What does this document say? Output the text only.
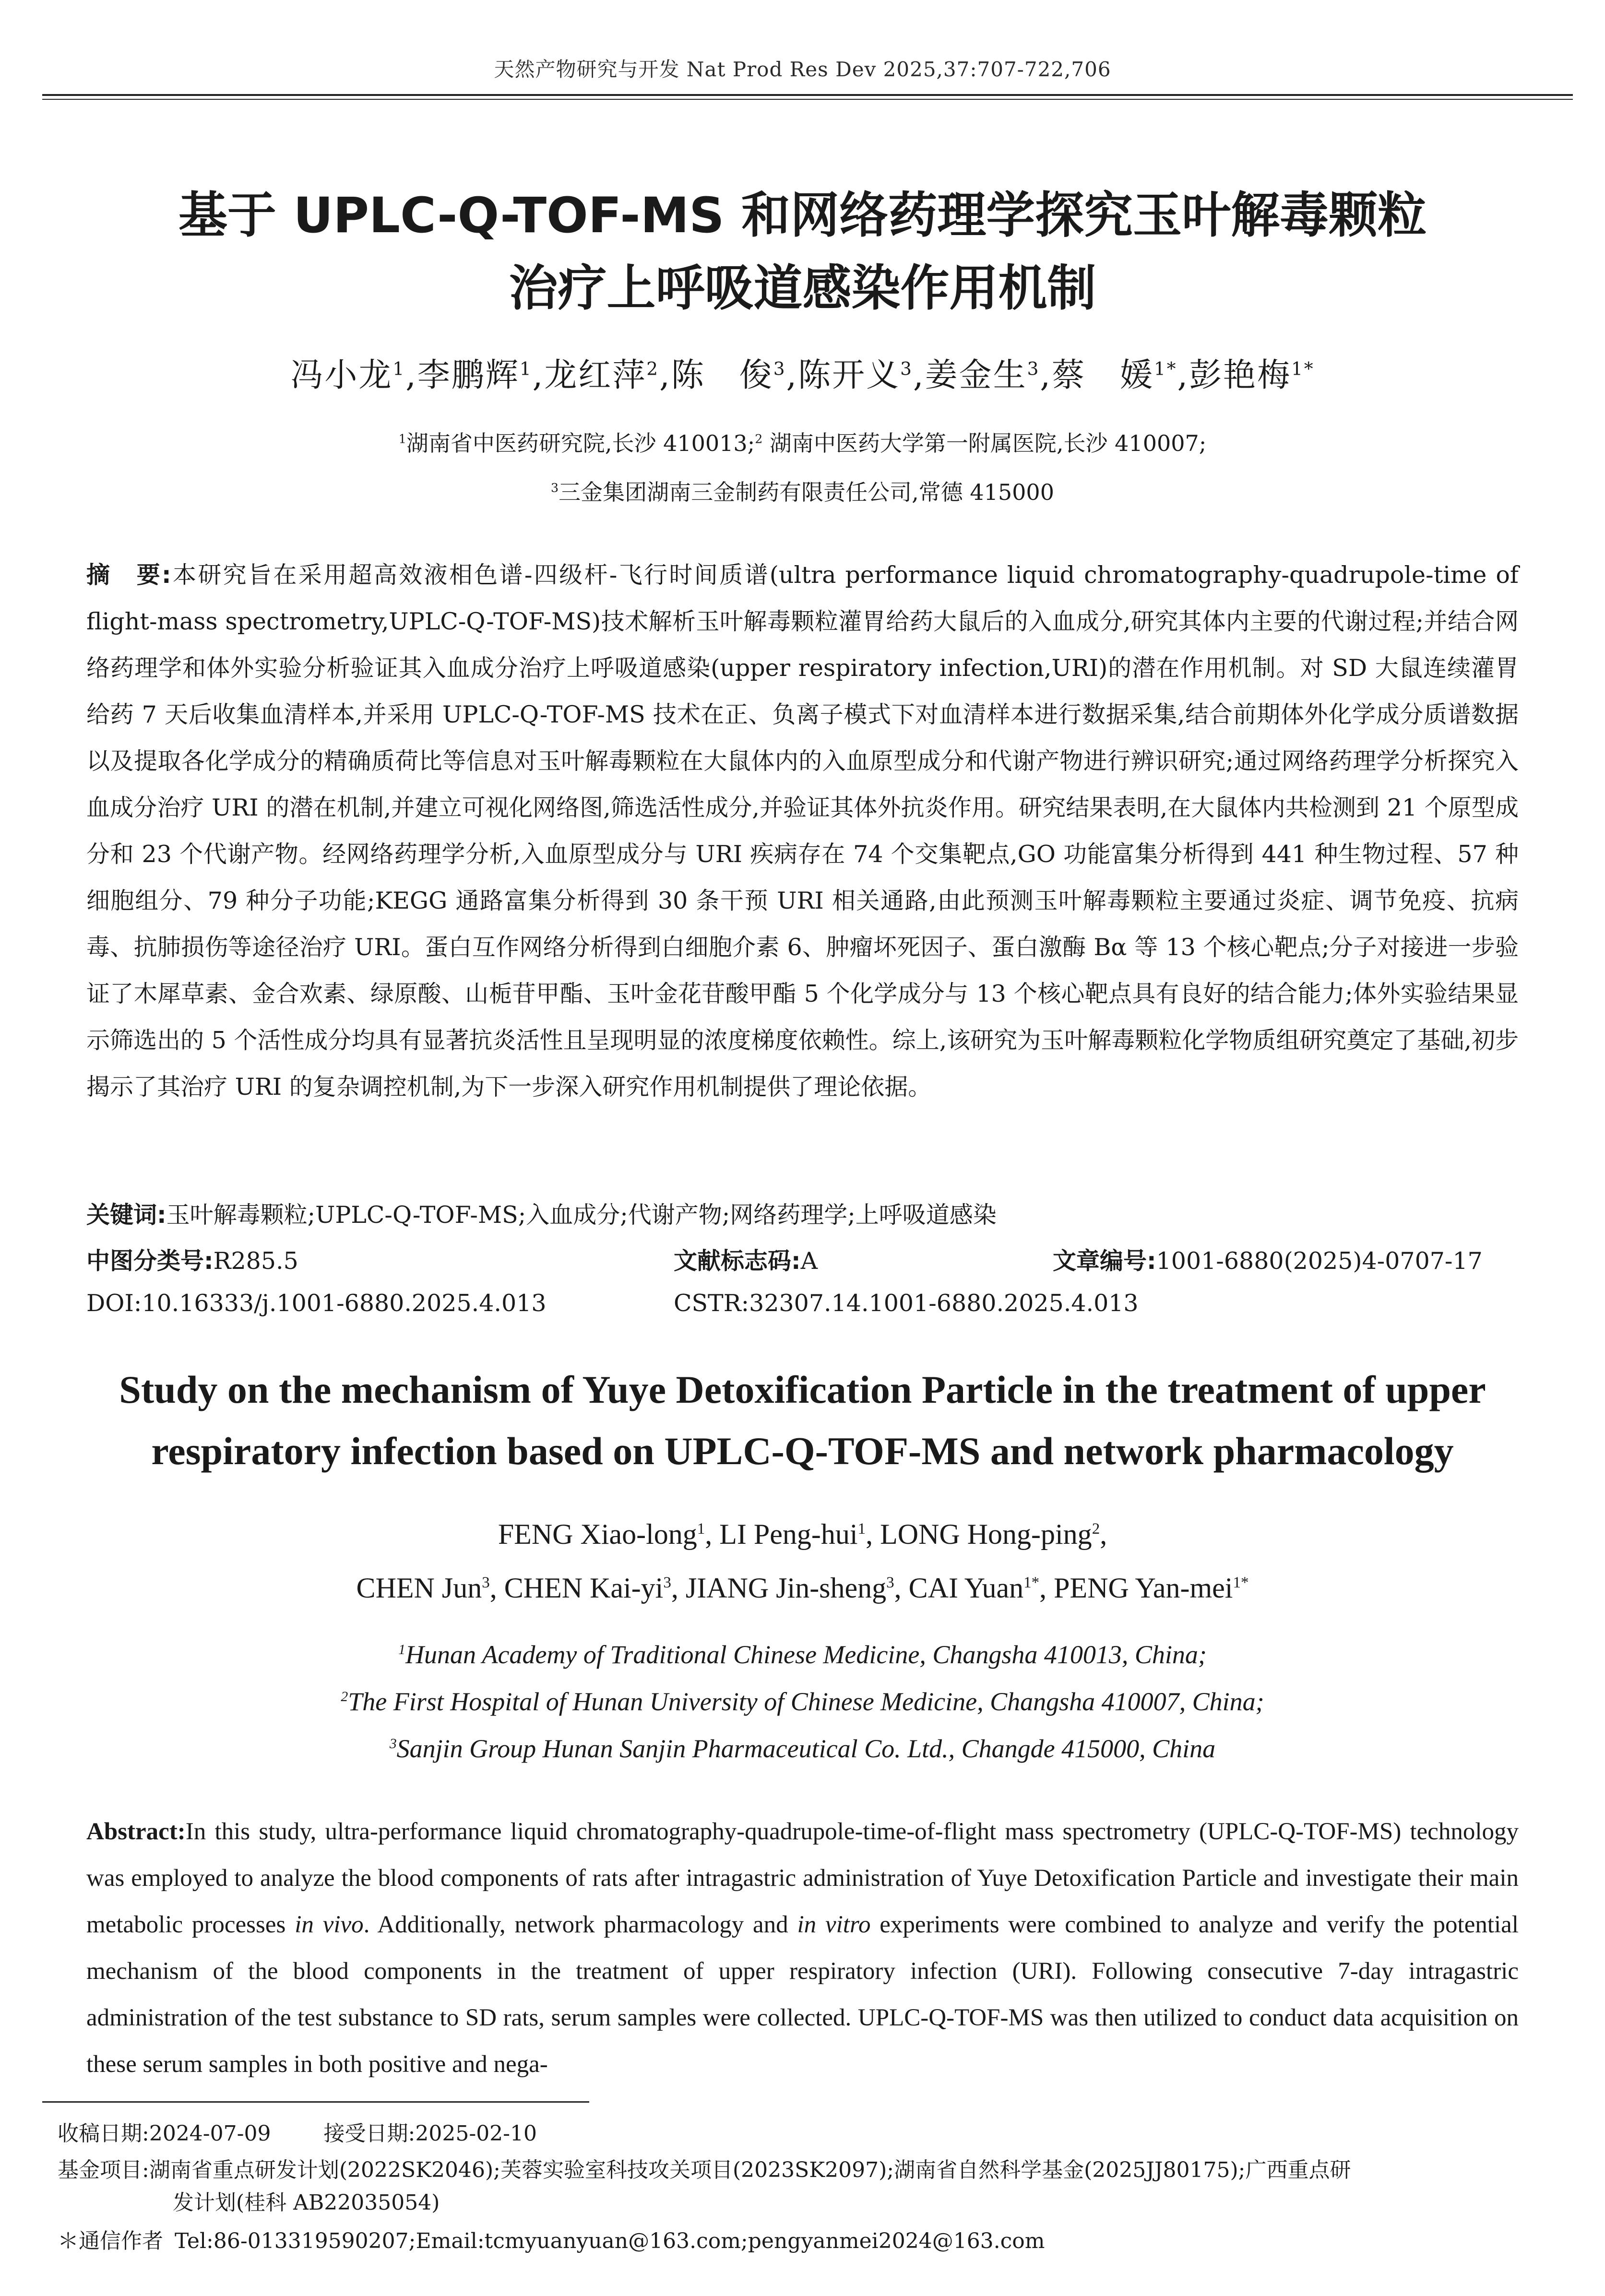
天然产物研究与开发 Nat Prod Res Dev 2025,37:707-722,706
基于 UPLC-Q-TOF-MS 和网络药理学探究玉叶解毒颗粒
治疗上呼吸道感染作用机制
冯小龙$^1$,李鹏辉$^1$,龙红萍$^2$,陈　俊$^3$,陈开义$^3$,姜金生$^3$,蔡　媛$^{1*}$,彭艳梅$^{1*}$
$^1$湖南省中医药研究院,长沙 410013;$^2$ 湖南中医药大学第一附属医院,长沙 410007;
$^3$三金集团湖南三金制药有限责任公司,常德 415000
摘　要:本研究旨在采用超高效液相色谱-四级杆-飞行时间质谱(ultra performance liquid chromatography-quadrupole-time of flight-mass spectrometry,UPLC-Q-TOF-MS)技术解析玉叶解毒颗粒灌胃给药大鼠后的入血成分,研究其体内主要的代谢过程;并结合网络药理学和体外实验分析验证其入血成分治疗上呼吸道感染(upper respiratory infection,URI)的潜在作用机制。对 SD 大鼠连续灌胃给药 7 天后收集血清样本,并采用 UPLC-Q-TOF-MS 技术在正、负离子模式下对血清样本进行数据采集,结合前期体外化学成分质谱数据以及提取各化学成分的精确质荷比等信息对玉叶解毒颗粒在大鼠体内的入血原型成分和代谢产物进行辨识研究;通过网络药理学分析探究入血成分治疗 URI 的潜在机制,并建立可视化网络图,筛选活性成分,并验证其体外抗炎作用。研究结果表明,在大鼠体内共检测到 21 个原型成分和 23 个代谢产物。经网络药理学分析,入血原型成分与 URI 疾病存在 74 个交集靶点,GO 功能富集分析得到 441 种生物过程、57 种细胞组分、79 种分子功能;KEGG 通路富集分析得到 30 条干预 URI 相关通路,由此预测玉叶解毒颗粒主要通过炎症、调节免疫、抗病毒、抗肺损伤等途径治疗 URI。蛋白互作网络分析得到白细胞介素 6、肿瘤坏死因子、蛋白激酶 Bα 等 13 个核心靶点;分子对接进一步验证了木犀草素、金合欢素、绿原酸、山栀苷甲酯、玉叶金花苷酸甲酯 5 个化学成分与 13 个核心靶点具有良好的结合能力;体外实验结果显示筛选出的 5 个活性成分均具有显著抗炎活性且呈现明显的浓度梯度依赖性。综上,该研究为玉叶解毒颗粒化学物质组研究奠定了基础,初步揭示了其治疗 URI 的复杂调控机制,为下一步深入研究作用机制提供了理论依据。
关键词:玉叶解毒颗粒;UPLC-Q-TOF-MS;入血成分;代谢产物;网络药理学;上呼吸道感染
中图分类号:R285.5	文献标志码:A	文章编号:1001-6880(2025)4-0707-17
DOI:10.16333/j.1001-6880.2025.4.013	CSTR:32307.14.1001-6880.2025.4.013
Study on the mechanism of Yuye Detoxification Particle in the treatment of upper
respiratory infection based on UPLC-Q-TOF-MS and network pharmacology
FENG Xiao-long$^1$, LI Peng-hui$^1$, LONG Hong-ping$^2$,
CHEN Jun$^3$, CHEN Kai-$yi^3$, JIANG Jin-sheng$^3$, CAI Yuan$^{1*}$, PENG Yan-mei$^{1*}$
$^1$Hunan Academy of Traditional Chinese Medicine, Changsha 410013, China;
$^2$The First Hospital of Hunan University of Chinese Medicine, Changsha 410007, China;
$^3$Sanjin Group Hunan Sanjin Pharmaceutical Co. Ltd., Changde 415000, China
Abstract:In this study, ultra-performance liquid chromatography-quadrupole-time-of-flight mass spectrometry (UPLC-Q-TOF-MS) technology was employed to analyze the blood components of rats after intragastric administration of Yuye Detoxification Particle and investigate their main metabolic processes in vivo. Additionally, network pharmacology and in vitro experiments were combined to analyze and verify the potential mechanism of the blood components in the treatment of upper respiratory infection (URI). Following consecutive 7-day intragastric administration of the test substance to SD rats, serum samples were collected. UPLC-Q-TOF-MS was then utilized to conduct data acquisition on these serum samples in both positive and nega-
收稿日期:2024-07-09	接受日期:2025-02-10
基金项目:湖南省重点研发计划(2022SK2046);芙蓉实验室科技攻关项目(2023SK2097);湖南省自然科学基金(2025JJ80175);广西重点研
发计划(桂科 AB22035054)
＊通信作者 Tel:86-013319590207;Email:tcmyuanyuan@163.com;pengyanmei2024@163.com
